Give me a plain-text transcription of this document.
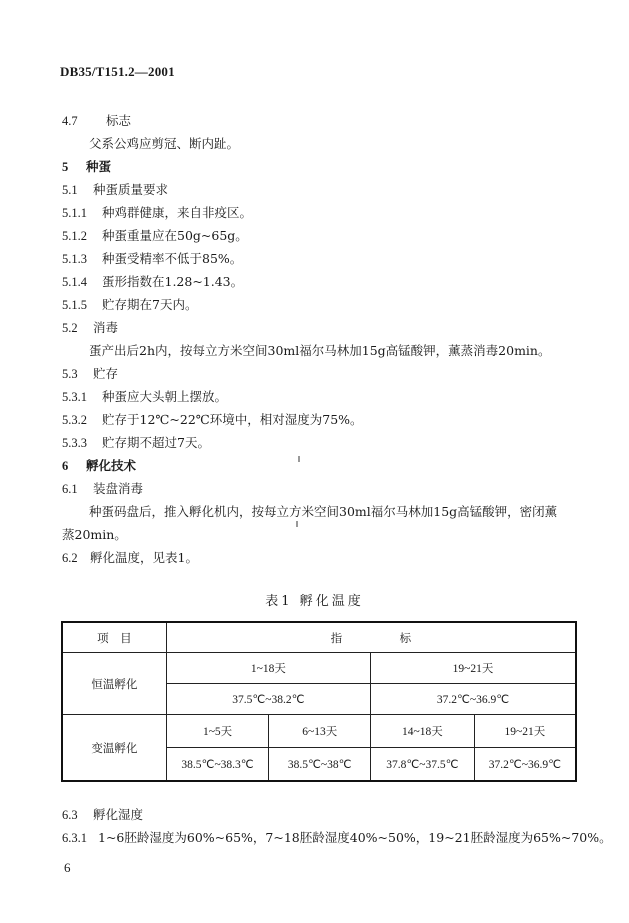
DB35/T151.2—2001
4.7 标志
父系公鸡应剪冠、断内趾。
5 种蛋
5.1 种蛋质量要求
5.1.1 种鸡群健康，来自非疫区。
5.1.2 种蛋重量应在50g~65g。
5.1.3 种蛋受精率不低于85%。
5.1.4 蛋形指数在1.28~1.43。
5.1.5 贮存期在7天内。
5.2 消毒
蛋产出后2h内，按每立方米空间30ml福尔马林加15g高锰酸钾，薰蒸消毒20min。
5.3 贮存
5.3.1 种蛋应大头朝上摆放。
5.3.2 贮存于12℃~22℃环境中，相对湿度为75%。
5.3.3 贮存期不超过7天。
6 孵化技术
6.1 装盘消毒
种蛋码盘后，推入孵化机内，按每立方米空间30ml福尔马林加15g高锰酸钾，密闭薰
蒸20min。
6.2 孵化温度，见表1。
表1 孵化温度
项　目	指　　　　　标			
恒温孵化	1~18天		19~21天	
	37.5℃~38.2℃		37.2℃~36.9℃	
变温孵化	1~5天	6~13天	14~18天	19~21天
	38.5℃~38.3℃	38.5℃~38℃	37.8℃~37.5℃	37.2℃~36.9℃
6.3 孵化湿度
6.3.1 1~6胚龄湿度为60%~65%，7~18胚龄湿度40%~50%，19~21胚龄湿度为65%~70%。
6
